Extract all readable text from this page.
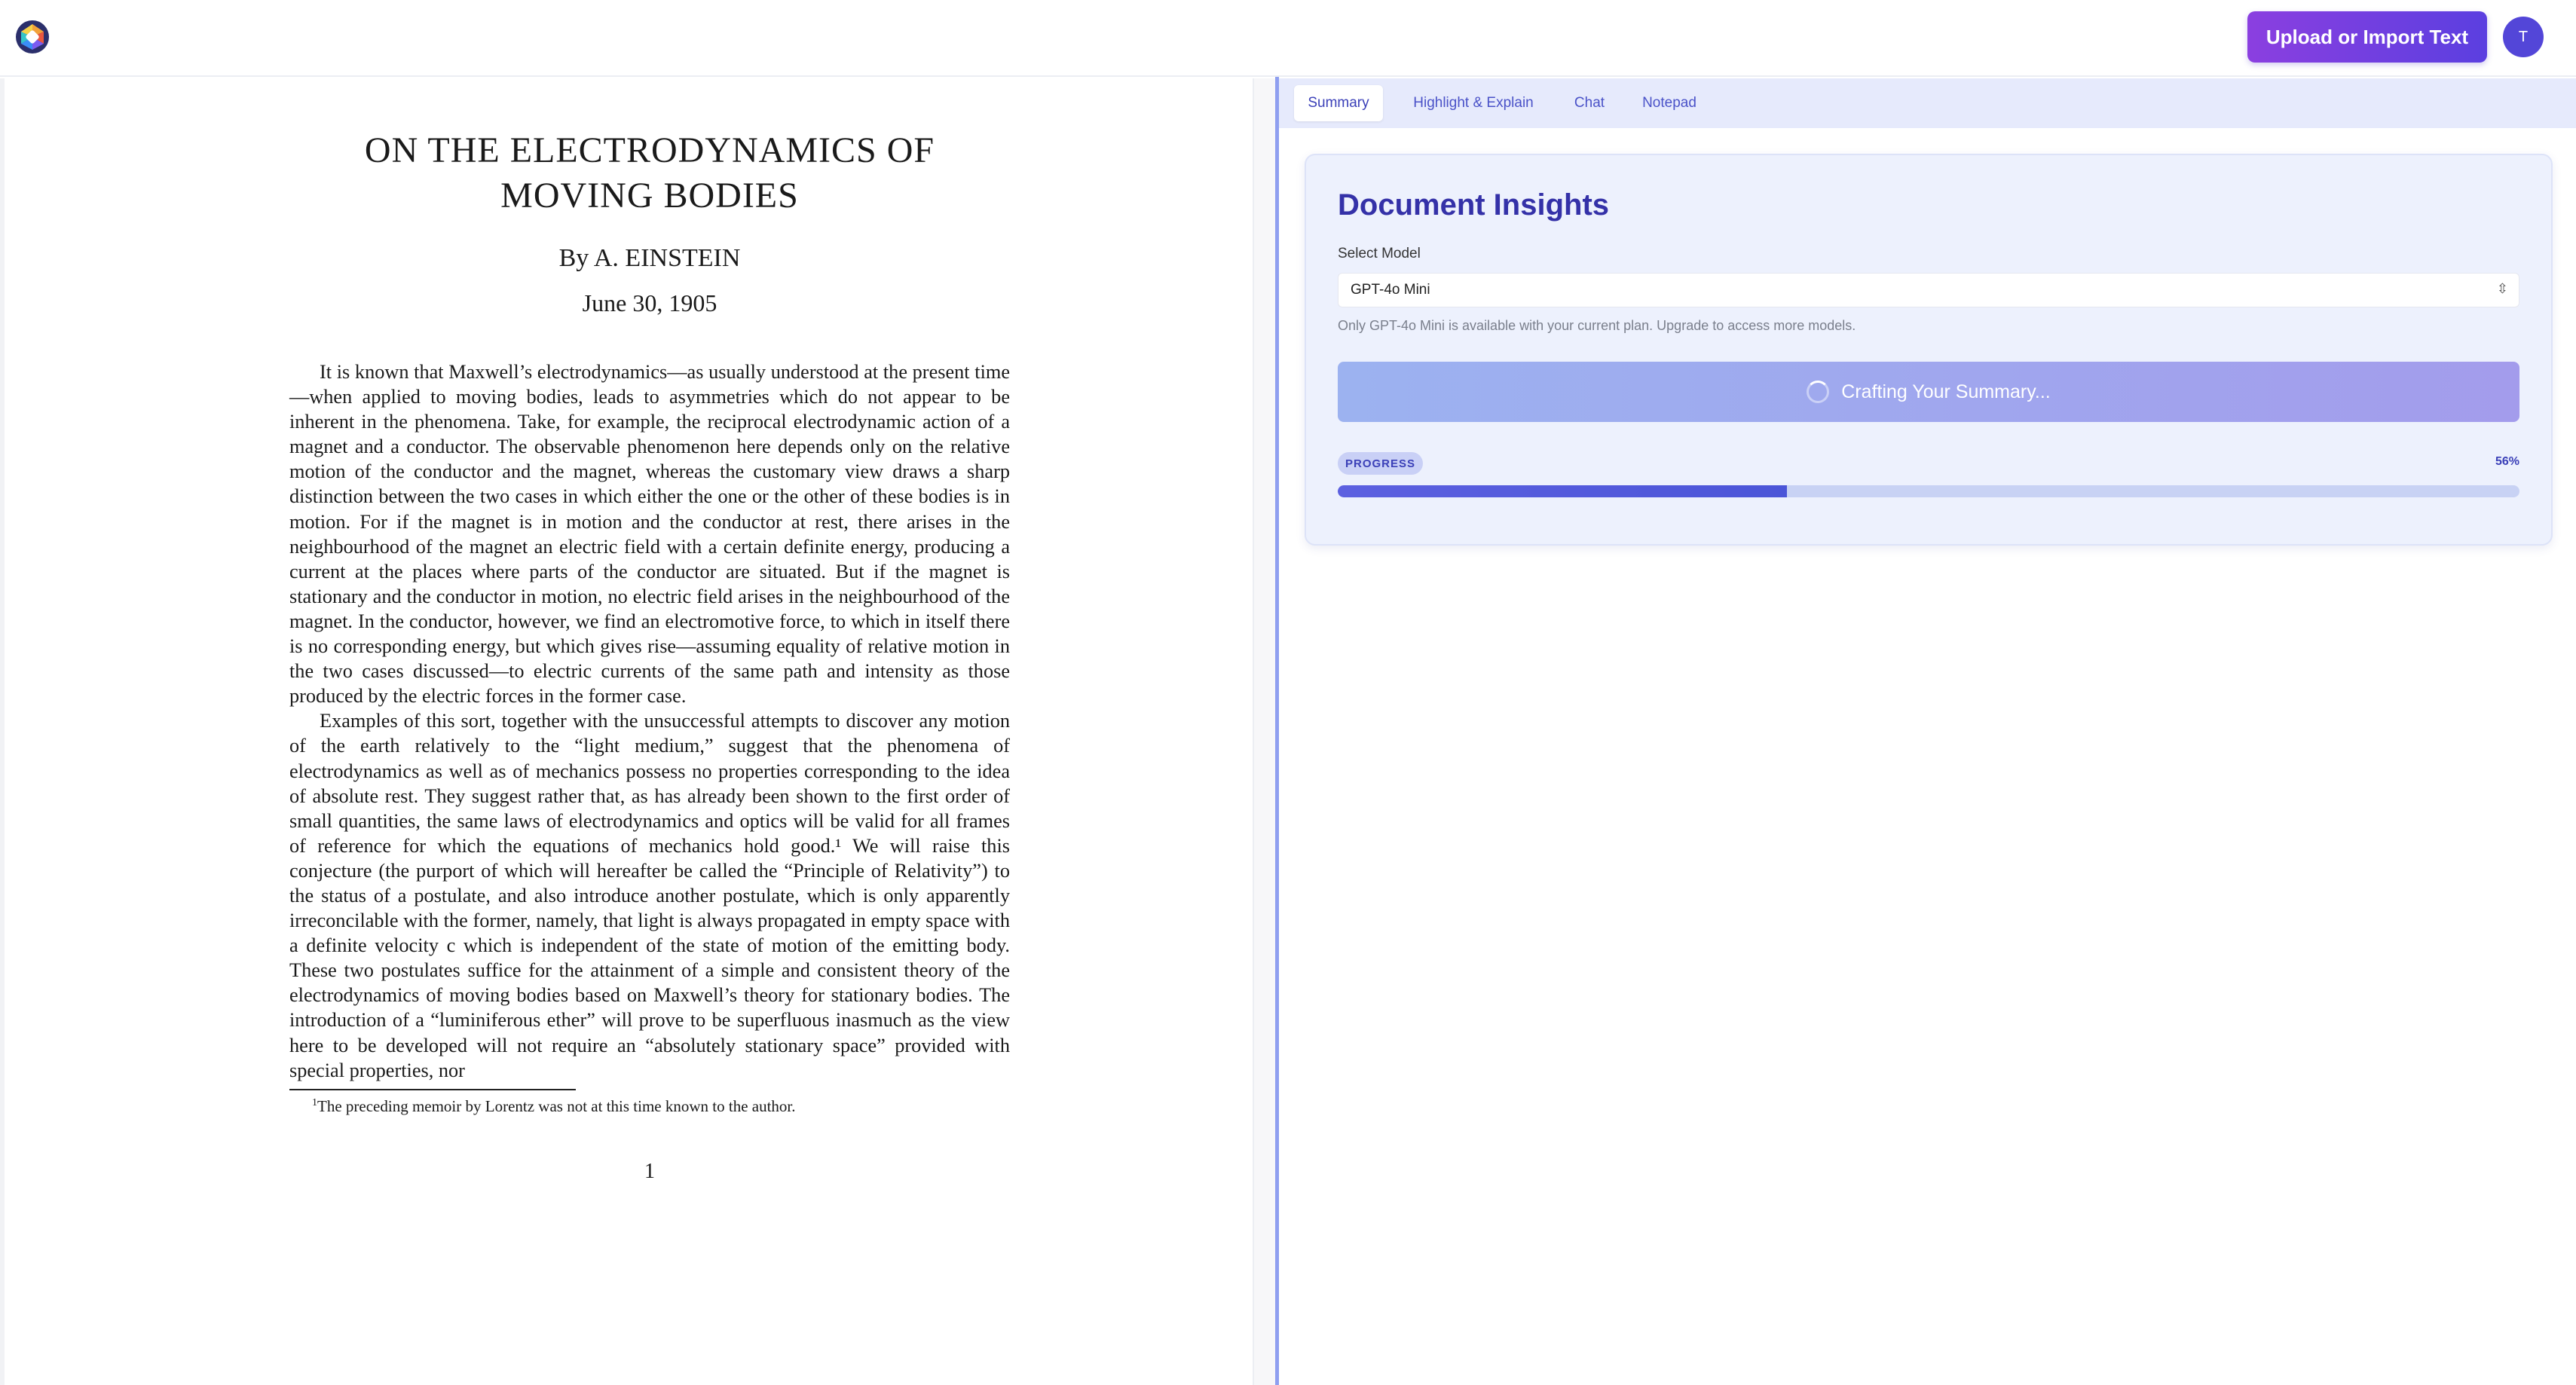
Upload or Import Text	T
ON THE ELECTRODYNAMICS OF MOVING BODIES
By A. EINSTEIN
June 30, 1905

It is known that Maxwell’s electrodynamics—as usually understood at the present time—when applied to moving bodies, leads to asymmetries which do not appear to be inherent in the phenomena. Take, for example, the reciprocal electrodynamic action of a magnet and a conductor. The observable phenomenon here depends only on the relative motion of the conductor and the magnet, whereas the customary view draws a sharp distinction between the two cases in which either the one or the other of these bodies is in motion. For if the magnet is in motion and the conductor at rest, there arises in the neighbourhood of the magnet an electric field with a certain definite energy, producing a current at the places where parts of the conductor are situated. But if the magnet is stationary and the conductor in motion, no electric field arises in the neighbourhood of the magnet. In the conductor, however, we find an electromotive force, to which in itself there is no corresponding energy, but which gives rise—assuming equality of relative motion in the two cases discussed—to electric currents of the same path and intensity as those produced by the electric forces in the former case.

Examples of this sort, together with the unsuccessful attempts to discover any motion of the earth relatively to the “light medium,” suggest that the phenomena of electrodynamics as well as of mechanics possess no properties corresponding to the idea of absolute rest. They suggest rather that, as has already been shown to the first order of small quantities, the same laws of electrodynamics and optics will be valid for all frames of reference for which the equations of mechanics hold good.¹ We will raise this conjecture (the purport of which will hereafter be called the “Principle of Relativity”) to the status of a postulate, and also introduce another postulate, which is only apparently irreconcilable with the former, namely, that light is always propagated in empty space with a definite velocity c which is independent of the state of motion of the emitting body. These two postulates suffice for the attainment of a simple and consistent theory of the electrodynamics of moving bodies based on Maxwell’s theory for stationary bodies. The introduction of a “luminiferous ether” will prove to be superfluous inasmuch as the view here to be developed will not require an “absolutely stationary space” provided with special properties, nor

$^1$The preceding memoir by Lorentz was not at this time known to the author.
1
Summary	Highlight & Explain	Chat	Notepad
Document Insights
Select Model
GPT-4o Mini	⇳
Only GPT-4o Mini is available with your current plan. Upgrade to access more models.
Crafting Your Summary...
PROGRESS	56%
